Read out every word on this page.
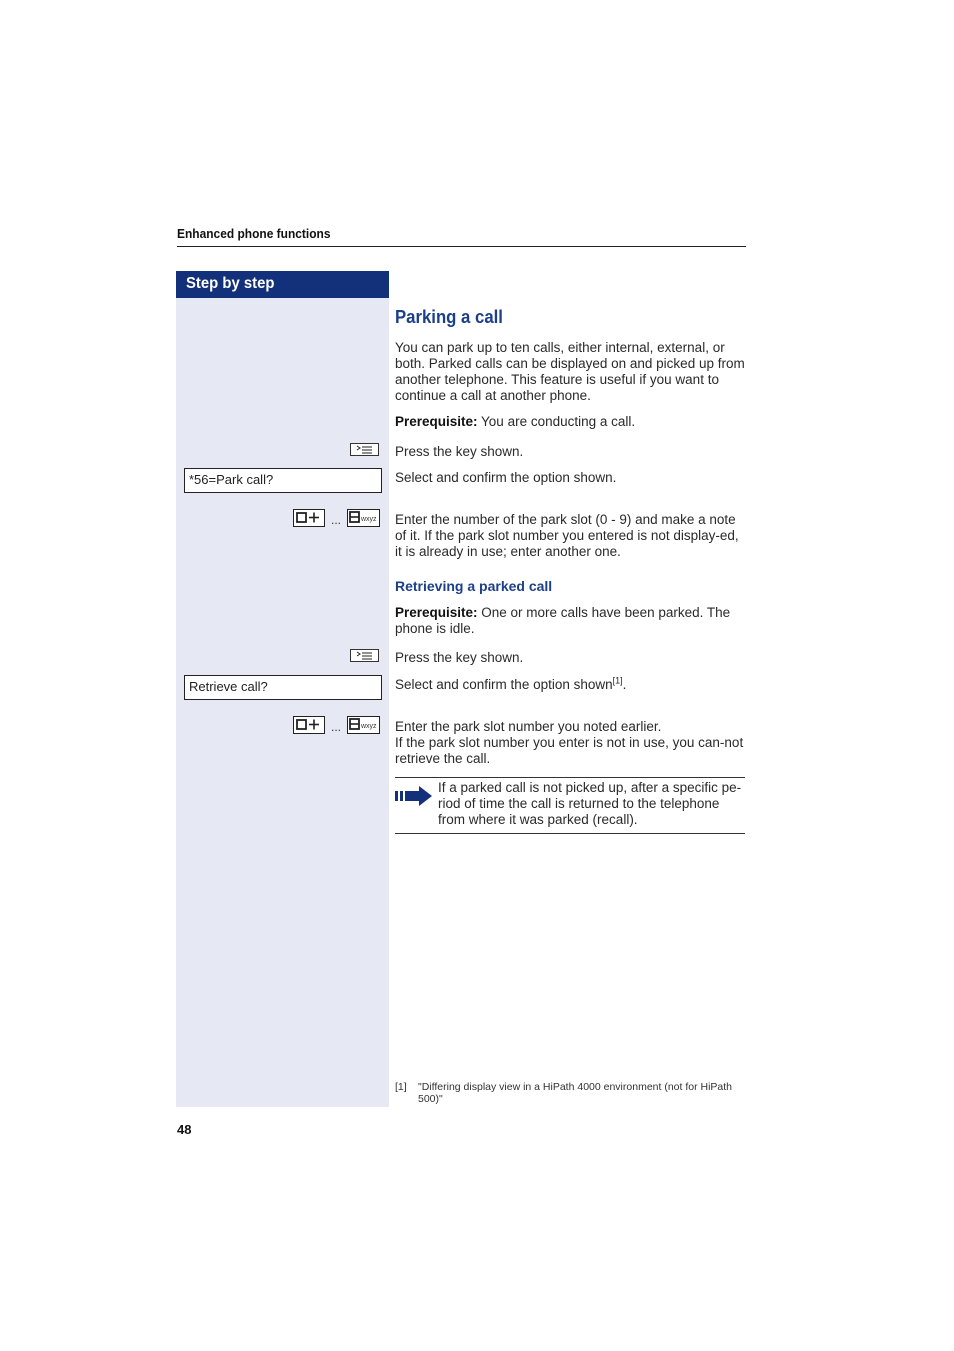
Enhanced phone functions
Step by step
Parking a call
You can park up to ten calls, either internal, external, or both. Parked calls can be displayed on and picked up from another telephone. This feature is useful if you want to continue a call at another phone.
Prerequisite: You are conducting a call.
Press the key shown.
*56=Park call?	Select and confirm the option shown.
...	wxyz Enter the number of the park slot (0 - 9) and make a note of it. If the park slot number you entered is not display-ed, it is already in use; enter another one.
Retrieving a parked call
Prerequisite: One or more calls have been parked. The phone is idle.
Press the key shown.
Retrieve call?	Select and confirm the option shown[1].
...	wxyz Enter the park slot number you noted earlier.
If the park slot number you enter is not in use, you can-not retrieve the call.
If a parked call is not picked up, after a specific pe-riod of time the call is returned to the telephone from where it was parked (recall).
[1] "Differing display view in a HiPath 4000 environment (not for HiPath 500)"
48
